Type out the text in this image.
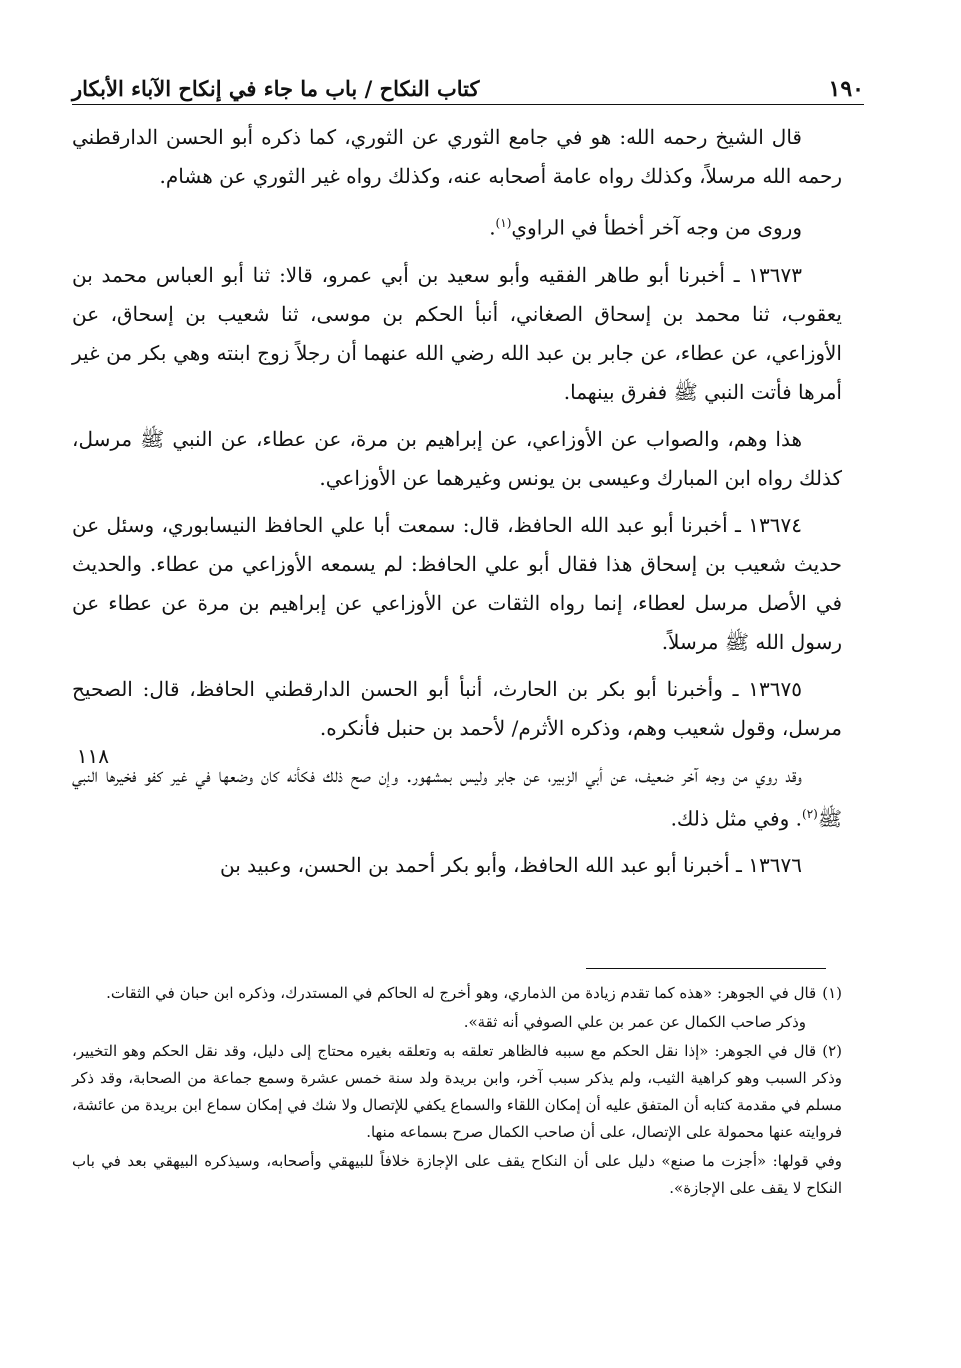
١٩٠
كتاب النكاح / باب ما جاء في إنكاح الآباء الأبكار

قال الشيخ رحمه الله: هو في جامع الثوري عن الثوري، كما ذكره أبو الحسن الدارقطني رحمه الله مرسلاً، وكذلك رواه عامة أصحابه عنه، وكذلك رواه غير الثوري عن هشام.

وروى من وجه آخر أخطأ في الراوي$^{(١)}$.

١٣٦٧٣ ـ أخبرنا أبو طاهر الفقيه وأبو سعيد بن أبي عمرو، قالا: ثنا أبو العباس محمد بن يعقوب، ثنا محمد بن إسحاق الصغاني، أنبأ الحكم بن موسى، ثنا شعيب بن إسحاق، عن الأوزاعي، عن عطاء، عن جابر بن عبد الله رضي الله عنهما أن رجلاً زوج ابنته وهي بكر من غير أمرها فأتت النبي ﷺ ففرق بينهما.

هذا وهم، والصواب عن الأوزاعي، عن إبراهيم بن مرة، عن عطاء، عن النبي ﷺ مرسل، كذلك رواه ابن المبارك وعيسى بن يونس وغيرهما عن الأوزاعي.

١٣٦٧٤ ـ أخبرنا أبو عبد الله الحافظ، قال: سمعت أبا علي الحافظ النيسابوري، وسئل عن حديث شعيب بن إسحاق هذا فقال أبو علي الحافظ: لم يسمعه الأوزاعي من عطاء. والحديث في الأصل مرسل لعطاء، إنما رواه الثقات عن الأوزاعي عن إبراهيم بن مرة عن عطاء عن رسول الله ﷺ مرسلاً.

١٣٦٧٥ ـ وأخبرنا أبو بكر بن الحارث، أنبأ أبو الحسن الدارقطني الحافظ، قال: الصحيح مرسل، وقول شعيب وهم، وذكره الأثرم/ لأحمد بن حنبل فأنكره.

وقد روي من وجه آخر ضعيف، عن أبي الزبير، عن جابر وليس بمشهور. وإن صح ذلك فكأنه كان وضعها في غير كفو فخيرها النبي ﷺ$^{(٢)}$. وفي مثل ذلك.

١٣٦٧٦ ـ أخبرنا أبو عبد الله الحافظ، وأبو بكر أحمد بن الحسن، وعبيد بن

١١٨

(١)قال في الجوهر: «هذه كما تقدم زيادة من الذماري، وهو أخرج له الحاكم في المستدرك، وذكره ابن حبان في الثقات.

وذكر صاحب الكمال عن عمر بن علي الصوفي أنه ثقة».

(٢)قال في الجوهر: «إذا نقل الحكم مع سببه فالظاهر تعلقه به وتعلقه بغيره محتاج إلى دليل، وقد نقل الحكم وهو التخيير، وذكر السبب وهو كراهية الثيب، ولم يذكر سبب آخر، وابن بريدة ولد سنة خمس عشرة وسمع جماعة من الصحابة، وقد ذكر مسلم في مقدمة كتابه أن المتفق عليه أن إمكان اللقاء والسماع يكفي للإتصال ولا شك في إمكان سماع ابن بريدة من عائشة، فروايته عنها محمولة على الإتصال، على أن صاحب الكمال صرح بسماعه منها.

وفي قولها: «أجزت ما صنع» دليل على أن النكاح يقف على الإجازة خلافاً للبيهقي وأصحابه، وسيذكره البيهقي بعد في باب النكاح لا يقف على الإجازة».
